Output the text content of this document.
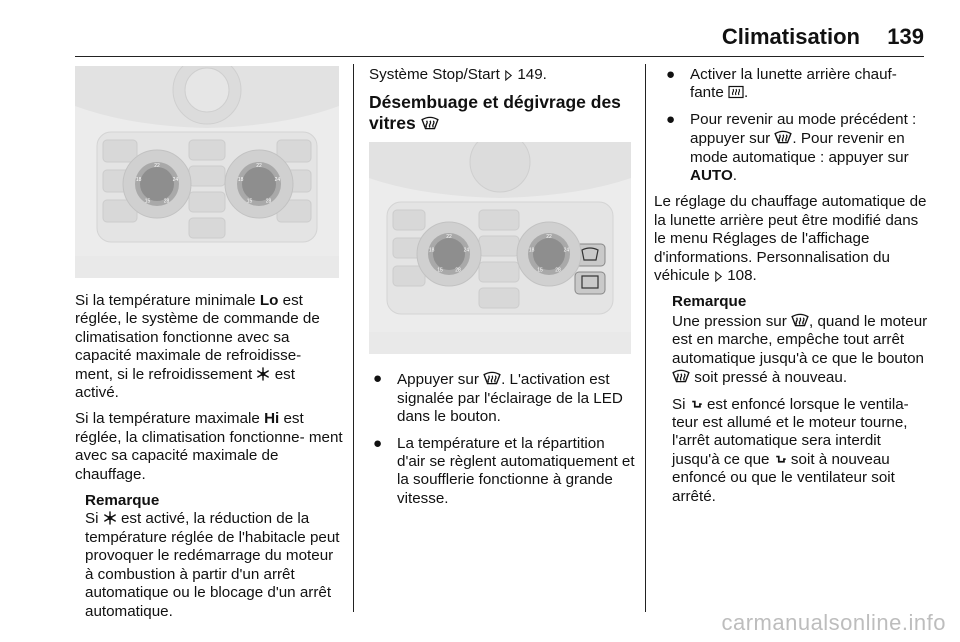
Climatisation 139
15
18
22
24
28	15
18
22
24
28

Si la température minimale Lo est réglée, le système de commande de climatisation fonctionne avec sa capacité maximale de refroidisse- ment, si le refroidissement  est activé.

Si la température maximale Hi est réglée, la climatisation fonctionne- ment avec sa capacité maximale de chauffage.

Remarque
Si  est activé, la réduction de la température réglée de l'habitacle peut provoquer le redémarrage du moteur à combustion à partir d'un arrêt automatique ou le blocage d'un arrêt automatique.

Système Stop/Start 149.

Désembuage et dégivrage des vitres
15
18
22
24
28	15
18
22
24
28
● Appuyer sur . L'activation est signalée par l'éclairage de la LED dans le bouton.
● La température et la répartition d'air se règlent automatiquement et la soufflerie fonctionne à grande vitesse.
● Activer la lunette arrière chauf- fante .
● Pour revenir au mode précédent : appuyer sur . Pour revenir en mode automatique : appuyer sur AUTO.

Le réglage du chauffage automatique de la lunette arrière peut être modifié dans le menu Réglages de l'affichage d'informations. Personnalisation du véhicule  108.

Remarque

Une pression sur , quand le moteur est en marche, empêche tout arrêt automatique jusqu'à ce que le bouton  soit pressé à nouveau.

Si  est enfoncé lorsque le ventila- teur est allumé et le moteur tourne, l'arrêt automatique sera interdit jusqu'à ce que  soit à nouveau enfoncé ou que le ventilateur soit arrêté.

carmanualsonline.info
